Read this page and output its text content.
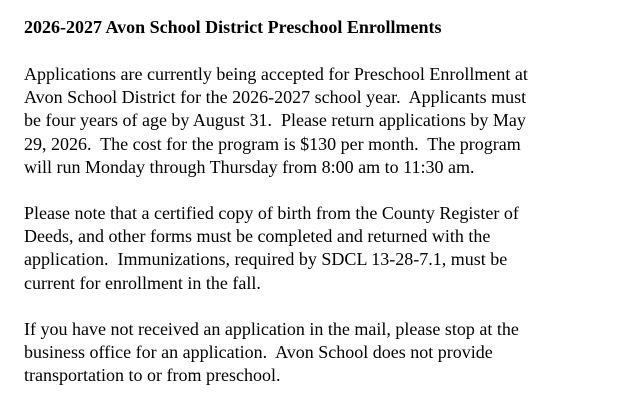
2026-2027 Avon School District Preschool Enrollments
Applications are currently being accepted for Preschool Enrollment at
Avon School District for the 2026-2027 school year.  Applicants must
be four years of age by August 31.  Please return applications by May
29, 2026.  The cost for the program is $130 per month.  The program
will run Monday through Thursday from 8:00 am to 11:30 am.
Please note that a certified copy of birth from the County Register of
Deeds, and other forms must be completed and returned with the
application.  Immunizations, required by SDCL 13-28-7.1, must be
current for enrollment in the fall.
If you have not received an application in the mail, please stop at the
business office for an application.  Avon School does not provide
transportation to or from preschool.
